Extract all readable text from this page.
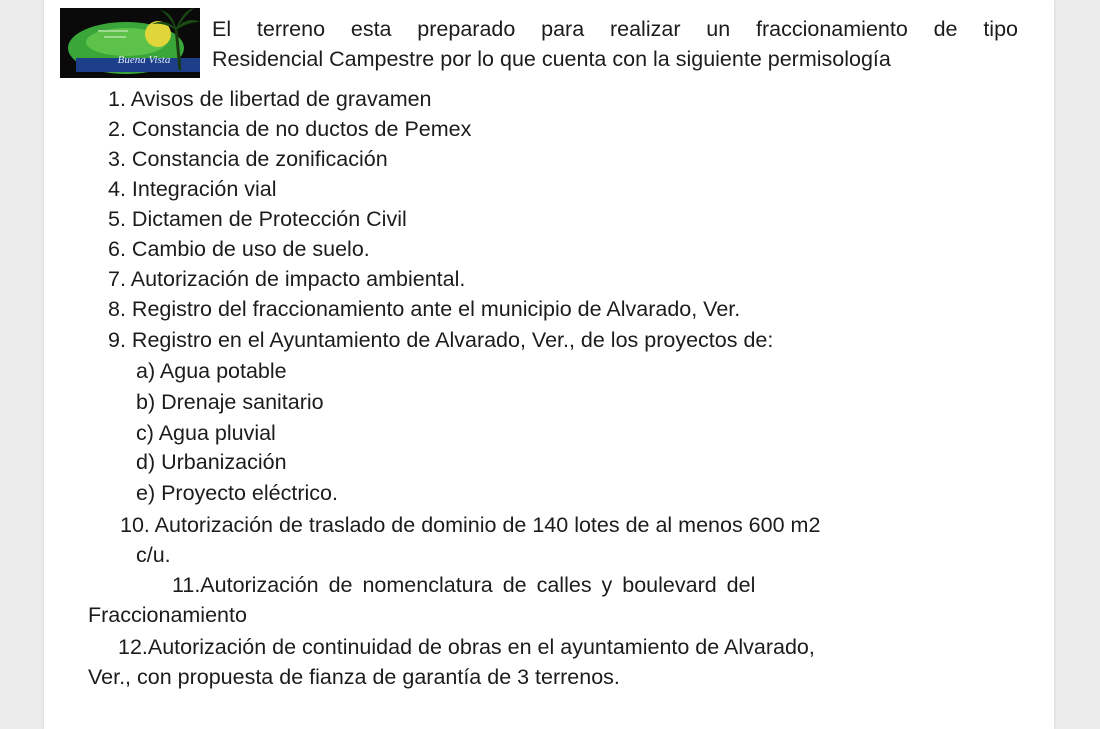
Buena Vista
El terreno esta preparado para realizar un fraccionamiento de tipo
Residencial Campestre por lo que cuenta con la siguiente permisología
1. Avisos de libertad de gravamen
2. Constancia de no ductos de Pemex
3. Constancia de zonificación
4. Integración vial
5. Dictamen de Protección Civil
6. Cambio de uso de suelo.
7. Autorización de impacto ambiental.
8. Registro del fraccionamiento ante el municipio de Alvarado, Ver.
9. Registro en el Ayuntamiento de Alvarado, Ver., de los proyectos de:
a) Agua potable
b) Drenaje sanitario
c) Agua pluvial
d) Urbanización
e) Proyecto eléctrico.
10. Autorización de traslado de dominio de 140 lotes de al menos 600 m2
c/u.
11.Autorización de nomenclatura de calles y boulevard del
Fraccionamiento
12.Autorización de continuidad de obras en el ayuntamiento de Alvarado,
Ver., con propuesta de fianza de garantía de 3 terrenos.
